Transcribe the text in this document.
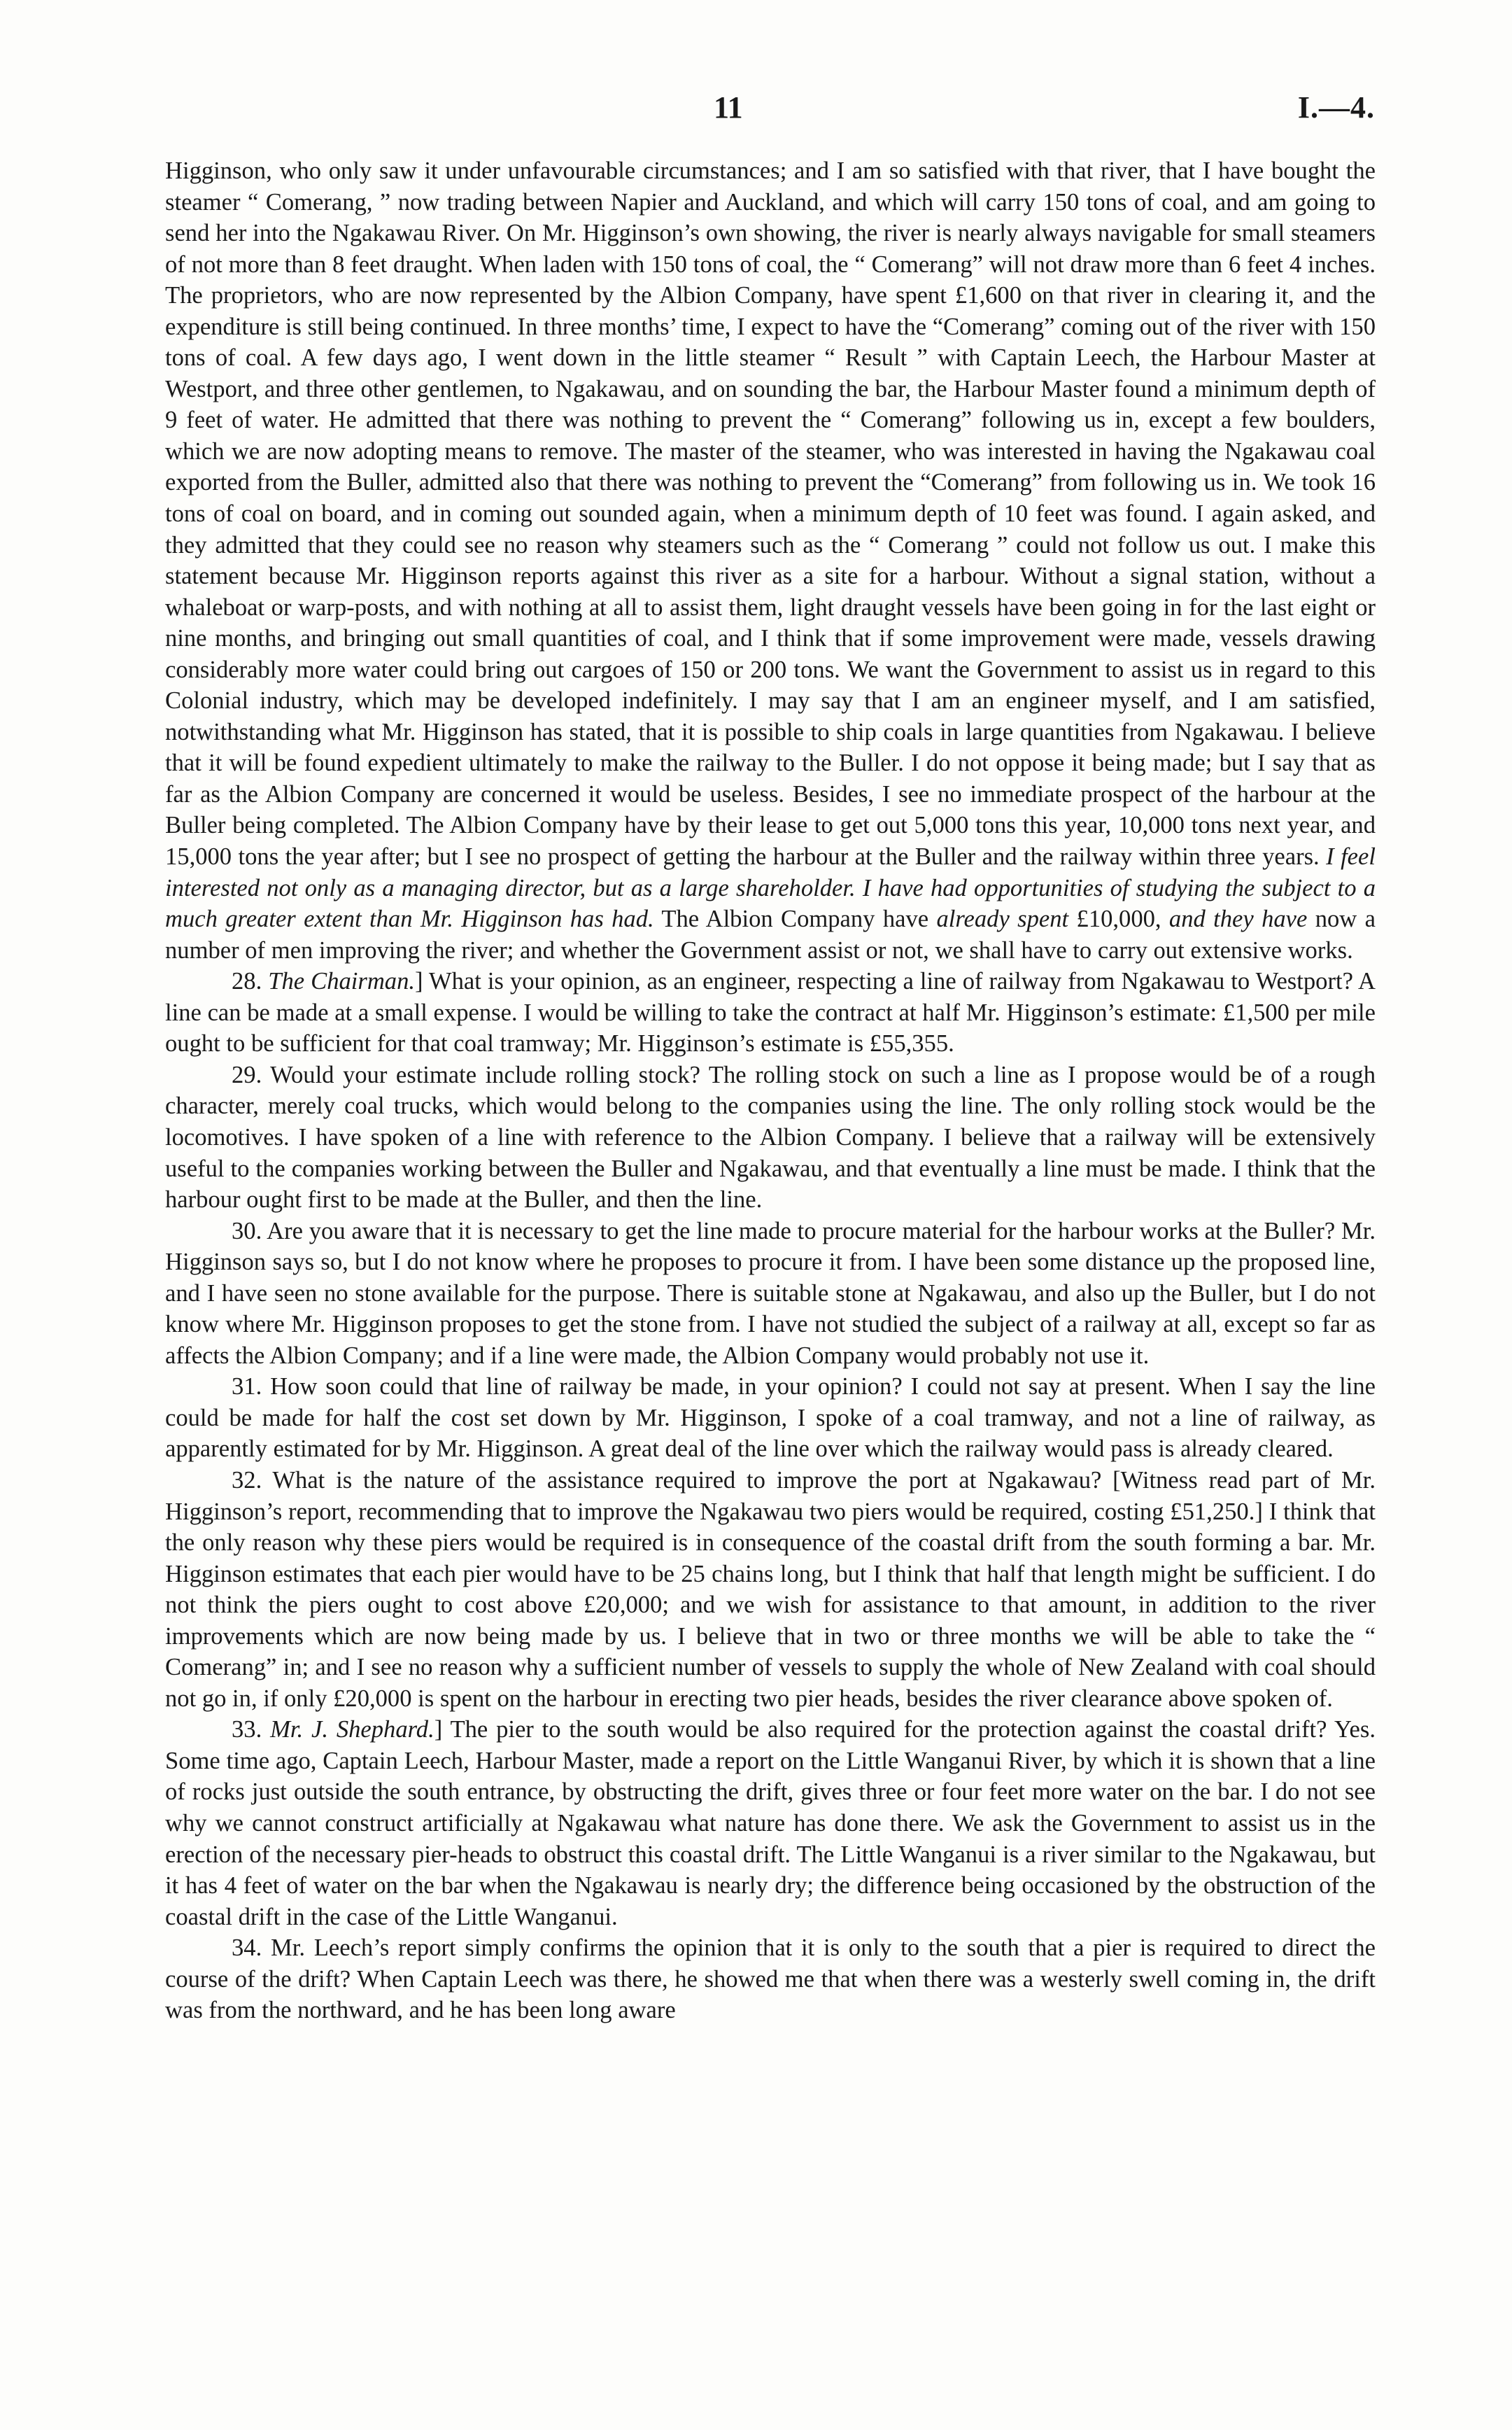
11	I.—4.

Higginson, who only saw it under unfavourable circumstances; and I am so satisfied with that river, that I have bought the steamer “ Comerang, ” now trading between Napier and Auckland, and which will carry 150 tons of coal, and am going to send her into the Ngakawau River. On Mr. Higginson’s own showing, the river is nearly always navigable for small steamers of not more than 8 feet draught. When laden with 150 tons of coal, the “ Comerang” will not draw more than 6 feet 4 inches. The proprietors, who are now represented by the Albion Company, have spent £1,600 on that river in clearing it, and the expenditure is still being continued. In three months’ time, I expect to have the “Comerang” coming out of the river with 150 tons of coal. A few days ago, I went down in the little steamer “ Result ” with Captain Leech, the Harbour Master at Westport, and three other gentlemen, to Ngakawau, and on sounding the bar, the Harbour Master found a minimum depth of 9 feet of water. He admitted that there was nothing to prevent the “ Comerang” following us in, except a few boulders, which we are now adopting means to remove. The master of the steamer, who was interested in having the Ngakawau coal exported from the Buller, admitted also that there was nothing to prevent the “Comerang” from following us in. We took 16 tons of coal on board, and in coming out sounded again, when a minimum depth of 10 feet was found. I again asked, and they admitted that they could see no reason why steamers such as the “ Comerang ” could not follow us out. I make this statement because Mr. Higginson reports against this river as a site for a harbour. Without a signal station, without a whaleboat or warp-posts, and with nothing at all to assist them, light draught vessels have been going in for the last eight or nine months, and bringing out small quantities of coal, and I think that if some improvement were made, vessels drawing considerably more water could bring out cargoes of 150 or 200 tons. We want the Government to assist us in regard to this Colonial industry, which may be developed indefinitely. I may say that I am an engineer myself, and I am satisfied, notwithstanding what Mr. Higginson has stated, that it is possible to ship coals in large quantities from Ngakawau. I believe that it will be found expedient ultimately to make the railway to the Buller. I do not oppose it being made; but I say that as far as the Albion Company are concerned it would be useless. Besides, I see no immediate prospect of the harbour at the Buller being completed. The Albion Company have by their lease to get out 5,000 tons this year, 10,000 tons next year, and 15,000 tons the year after; but I see no prospect of getting the harbour at the Buller and the railway within three years. I feel interested not only as a managing director, but as a large shareholder. I have had opportunities of studying the subject to a much greater extent than Mr. Higginson has had. The Albion Company have already spent £10,000, and they have now a number of men improving the river; and whether the Government assist or not, we shall have to carry out extensive works.

28. The Chairman.] What is your opinion, as an engineer, respecting a line of railway from Ngakawau to Westport? A line can be made at a small expense. I would be willing to take the contract at half Mr. Higginson’s estimate: £1,500 per mile ought to be sufficient for that coal tramway; Mr. Higginson’s estimate is £55,355.

29. Would your estimate include rolling stock? The rolling stock on such a line as I propose would be of a rough character, merely coal trucks, which would belong to the companies using the line. The only rolling stock would be the locomotives. I have spoken of a line with reference to the Albion Company. I believe that a railway will be extensively useful to the companies working between the Buller and Ngakawau, and that eventually a line must be made. I think that the harbour ought first to be made at the Buller, and then the line.

30. Are you aware that it is necessary to get the line made to procure material for the harbour works at the Buller? Mr. Higginson says so, but I do not know where he proposes to procure it from. I have been some distance up the proposed line, and I have seen no stone available for the purpose. There is suitable stone at Ngakawau, and also up the Buller, but I do not know where Mr. Higginson proposes to get the stone from. I have not studied the subject of a railway at all, except so far as affects the Albion Company; and if a line were made, the Albion Company would probably not use it.

31. How soon could that line of railway be made, in your opinion? I could not say at present. When I say the line could be made for half the cost set down by Mr. Higginson, I spoke of a coal tramway, and not a line of railway, as apparently estimated for by Mr. Higginson. A great deal of the line over which the railway would pass is already cleared.

32. What is the nature of the assistance required to improve the port at Ngakawau? [Witness read part of Mr. Higginson’s report, recommending that to improve the Ngakawau two piers would be required, costing £51,250.] I think that the only reason why these piers would be required is in consequence of the coastal drift from the south forming a bar. Mr. Higginson estimates that each pier would have to be 25 chains long, but I think that half that length might be sufficient. I do not think the piers ought to cost above £20,000; and we wish for assistance to that amount, in addition to the river improvements which are now being made by us. I believe that in two or three months we will be able to take the “ Comerang” in; and I see no reason why a sufficient number of vessels to supply the whole of New Zealand with coal should not go in, if only £20,000 is spent on the harbour in erecting two pier heads, besides the river clearance above spoken of.

33. Mr. J. Shephard.] The pier to the south would be also required for the protection against the coastal drift? Yes. Some time ago, Captain Leech, Harbour Master, made a report on the Little Wanganui River, by which it is shown that a line of rocks just outside the south entrance, by obstructing the drift, gives three or four feet more water on the bar. I do not see why we cannot construct artificially at Ngakawau what nature has done there. We ask the Government to assist us in the erection of the necessary pier-heads to obstruct this coastal drift. The Little Wanganui is a river similar to the Ngakawau, but it has 4 feet of water on the bar when the Ngakawau is nearly dry; the difference being occasioned by the obstruction of the coastal drift in the case of the Little Wanganui.

34. Mr. Leech’s report simply confirms the opinion that it is only to the south that a pier is required to direct the course of the drift? When Captain Leech was there, he showed me that when there was a westerly swell coming in, the drift was from the northward, and he has been long aware
